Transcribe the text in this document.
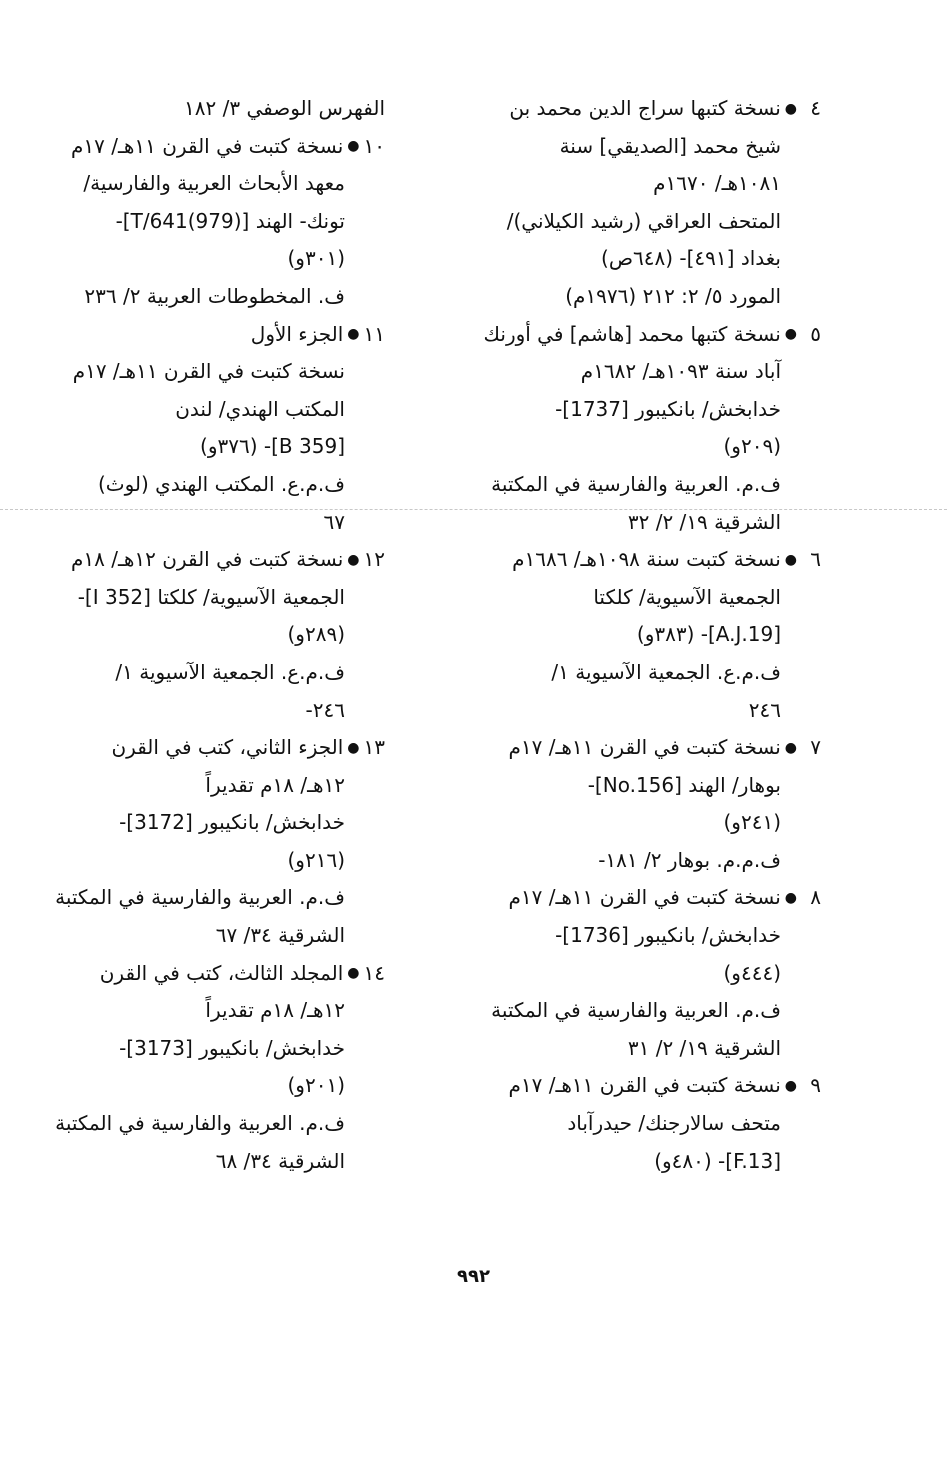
٤●نسخة كتبها سراج الدين محمد بن
شيخ محمد [الصديقي] سنة
١٠٨١هـ/ ١٦٧٠م
المتحف العراقي (رشيد الكيلاني)/
بغداد [٤٩١]- (٦٤٨ص)
المورد ٥/ ٢: ٢١٢ (١٩٧٦م)
٥●نسخة كتبها محمد [هاشم] في أورنك
آباد سنة ١٠٩٣هـ/ ١٦٨٢م
خدابخش/ بانكيبور [1737]-
(٢٠٩و)
ف.م. العربية والفارسية في المكتبة
الشرقية ١٩/ ٢/ ٣٢
٦●نسخة كتبت سنة ١٠٩٨هـ/ ١٦٨٦م
الجمعية الآسيوية/ كلكتا
[A.J.19]- (٣٨٣و)
ف.م.ع. الجمعية الآسيوية ١/
٢٤٦
٧●نسخة كتبت في القرن ١١هـ/ ١٧م
بوهار/ الهند [No.156]-
(٢٤١و)
ف.م.م. بوهار ٢/ ١٨١-
٨●نسخة كتبت في القرن ١١هـ/ ١٧م
خدابخش/ بانكيبور [1736]-
(٤٤٤و)
ف.م. العربية والفارسية في المكتبة
الشرقية ١٩/ ٢/ ٣١
٩●نسخة كتبت في القرن ١١هـ/ ١٧م
متحف سالارجنك/ حيدرآباد
[F.13]- (٤٨٠و)
الفهرس الوصفي ٣/ ١٨٢
١٠●نسخة كتبت في القرن ١١هـ/ ١٧م
معهد الأبحاث العربية والفارسية/
تونك- الهند [T/641(979)]-
(٣٠١و)
ف. المخطوطات العربية ٢/ ٢٣٦
١١●الجزء الأول
نسخة كتبت في القرن ١١هـ/ ١٧م
المكتب الهندي/ لندن
[B 359]- (٣٧٦و)
ف.م.ع. المكتب الهندي (لوث)
٦٧
١٢●نسخة كتبت في القرن ١٢هـ/ ١٨م
الجمعية الآسيوية/ كلكتا [I 352]-
(٢٨٩و)
ف.م.ع. الجمعية الآسيوية ١/
٢٤٦-
١٣●الجزء الثاني، كتب في القرن
١٢هـ/ ١٨م تقديراً
خدابخش/ بانكيبور [3172]-
(٢١٦و)
ف.م. العربية والفارسية في المكتبة
الشرقية ٣٤/ ٦٧
١٤●المجلد الثالث، كتب في القرن
١٢هـ/ ١٨م تقديراً
خدابخش/ بانكيبور [3173]-
(٢٠١و)
ف.م. العربية والفارسية في المكتبة
الشرقية ٣٤/ ٦٨
٩٩٢
